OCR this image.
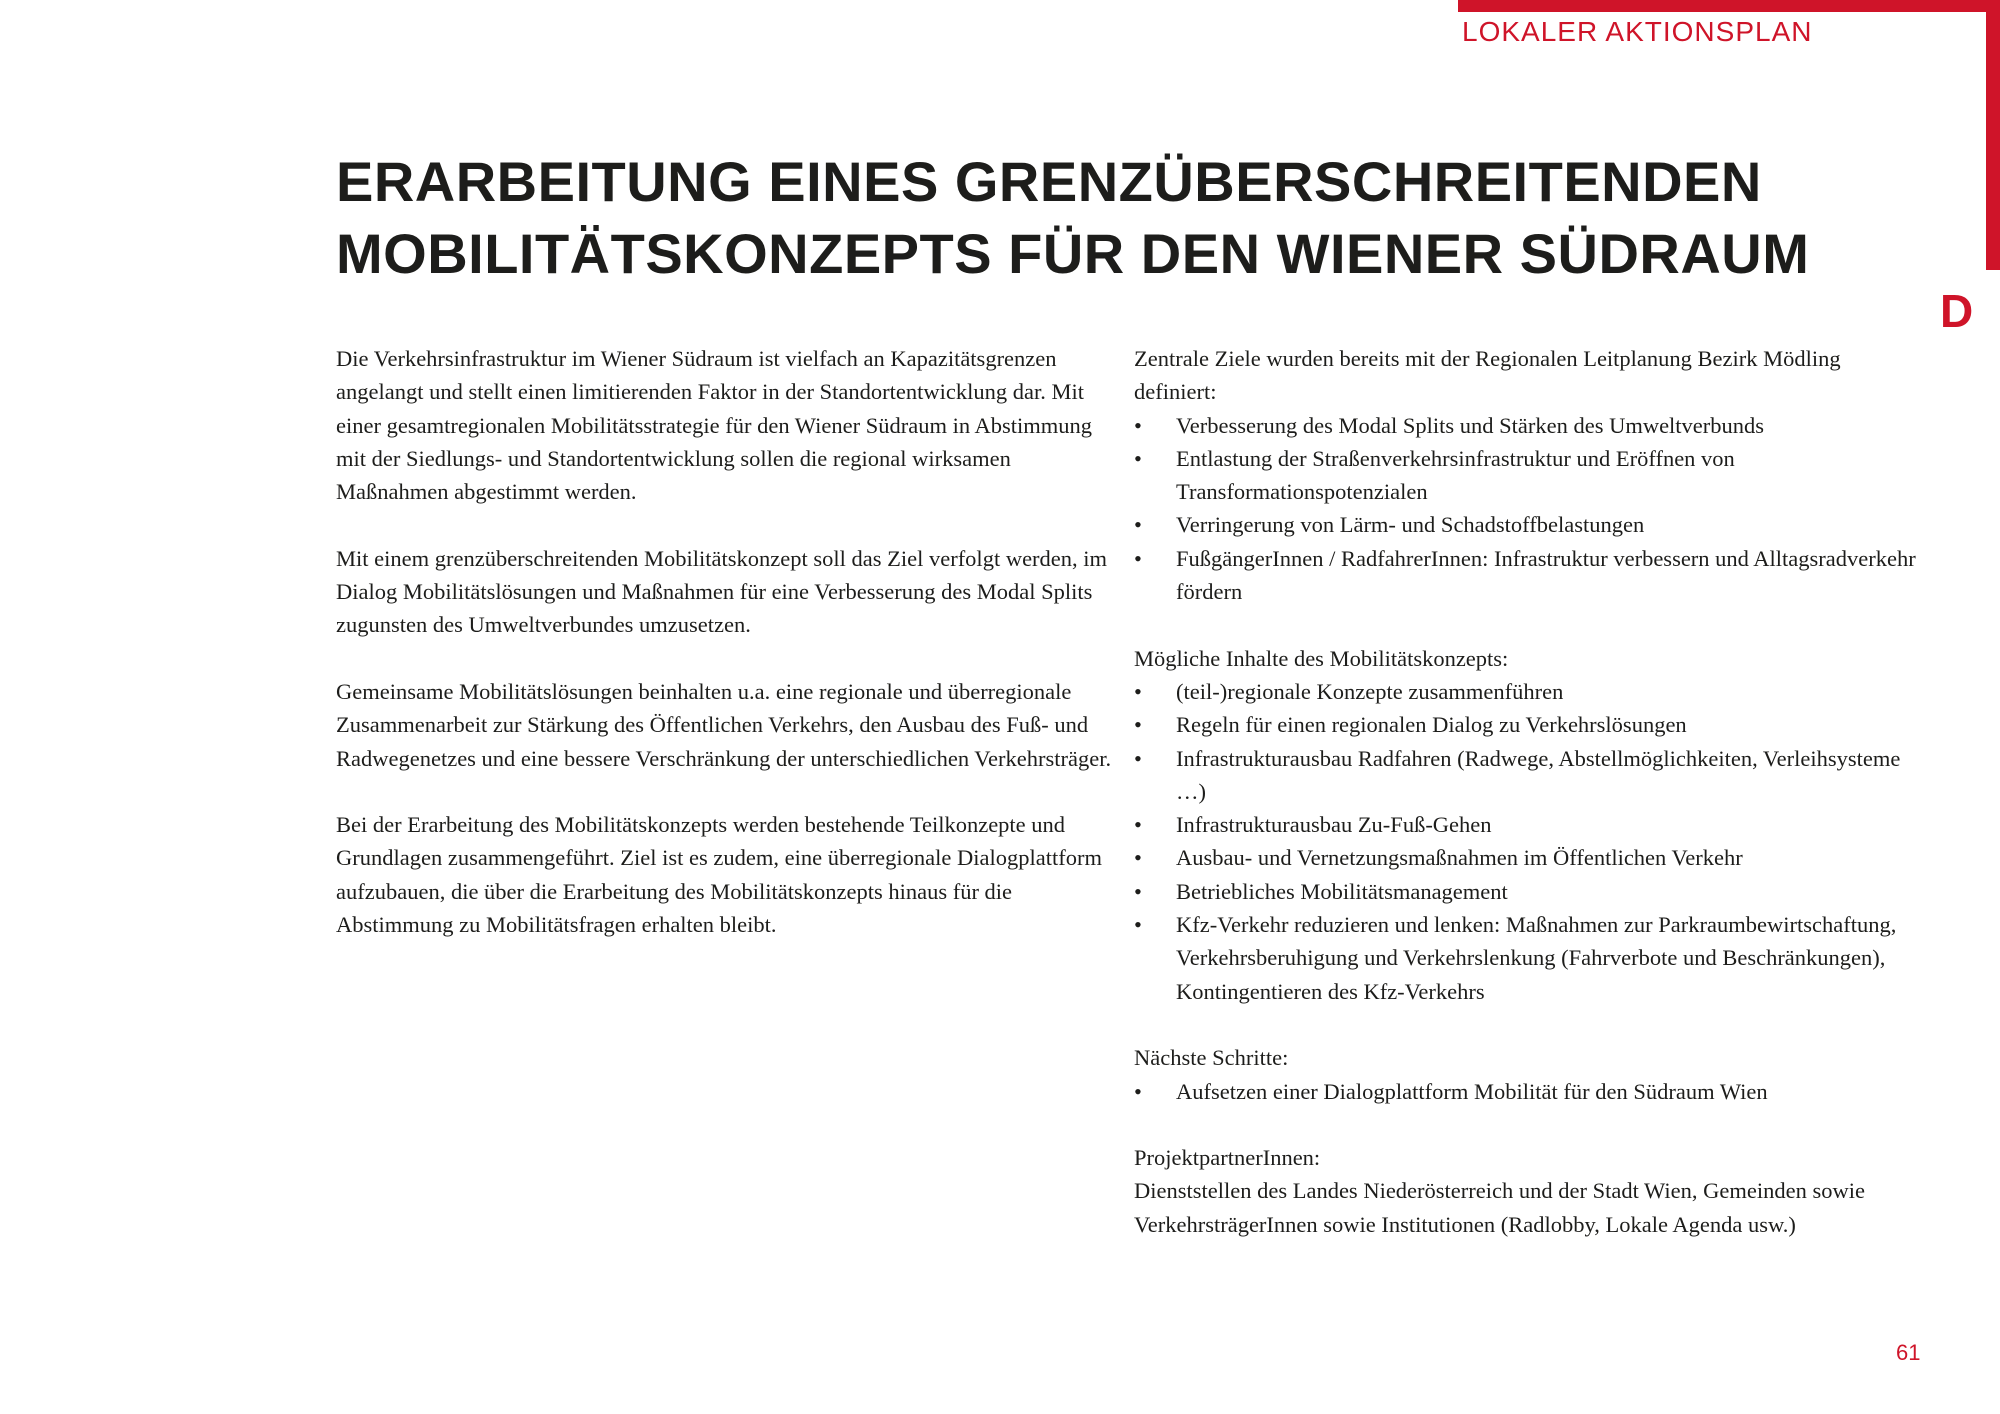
LOKALER AKTIONSPLAN
D
ERARBEITUNG EINES GRENZÜBERSCHREITENDEN
MOBILITÄTSKONZEPTS FÜR DEN WIENER SÜDRAUM

Die Verkehrsinfrastruktur im Wiener Südraum ist vielfach an Kapazitätsgrenzen angelangt und stellt einen limitierenden Faktor in der Standortentwicklung dar. Mit einer gesamtregionalen Mobilitätsstrategie für den Wiener Südraum in Abstimmung mit der Siedlungs- und Standortentwicklung sollen die regional wirksamen Maßnahmen abgestimmt werden.

Mit einem grenzüberschreitenden Mobilitätskonzept soll das Ziel verfolgt werden, im Dialog Mobilitätslösungen und Maßnahmen für eine Verbesserung des Modal Splits zugunsten des Umweltverbundes umzusetzen.

Gemeinsame Mobilitätslösungen beinhalten u.a. eine regionale und überregionale Zusammenarbeit zur Stärkung des Öffentlichen Verkehrs, den Ausbau des Fuß- und Radwegenetzes und eine bessere Verschränkung der unterschiedlichen Verkehrsträger.

Bei der Erarbeitung des Mobilitätskonzepts werden bestehende Teilkonzepte und Grundlagen zusammengeführt. Ziel ist es zudem, eine überregionale Dialogplattform aufzubauen, die über die Erarbeitung des Mobilitätskonzepts hinaus für die Abstimmung zu Mobilitätsfragen erhalten bleibt.

Zentrale Ziele wurden bereits mit der Regionalen Leitplanung Bezirk Mödling definiert:
• Verbesserung des Modal Splits und Stärken des Umweltverbunds
• Entlastung der Straßenverkehrsinfrastruktur und Eröffnen von Transformationspotenzialen
• Verringerung von Lärm- und Schadstoffbelastungen
• FußgängerInnen / RadfahrerInnen: Infrastruktur verbessern und Alltagsradverkehr fördern
Mögliche Inhalte des Mobilitätskonzepts:
• (teil-)regionale Konzepte zusammenführen
• Regeln für einen regionalen Dialog zu Verkehrslösungen
• Infrastrukturausbau Radfahren (Radwege, Abstellmöglichkeiten, Verleihsysteme …)
• Infrastrukturausbau Zu-Fuß-Gehen
• Ausbau- und Vernetzungsmaßnahmen im Öffentlichen Verkehr
• Betriebliches Mobilitätsmanagement
• Kfz-Verkehr reduzieren und lenken: Maßnahmen zur Parkraumbewirtschaftung, Verkehrsberuhigung und Verkehrslenkung (Fahrverbote und Beschränkungen), Kontingentieren des Kfz-Verkehrs
Nächste Schritte:
• Aufsetzen einer Dialogplattform Mobilität für den Südraum Wien
ProjektpartnerInnen:
Dienststellen des Landes Niederösterreich und der Stadt Wien, Gemeinden sowie VerkehrsträgerInnen sowie Institutionen (Radlobby, Lokale Agenda usw.)
61
